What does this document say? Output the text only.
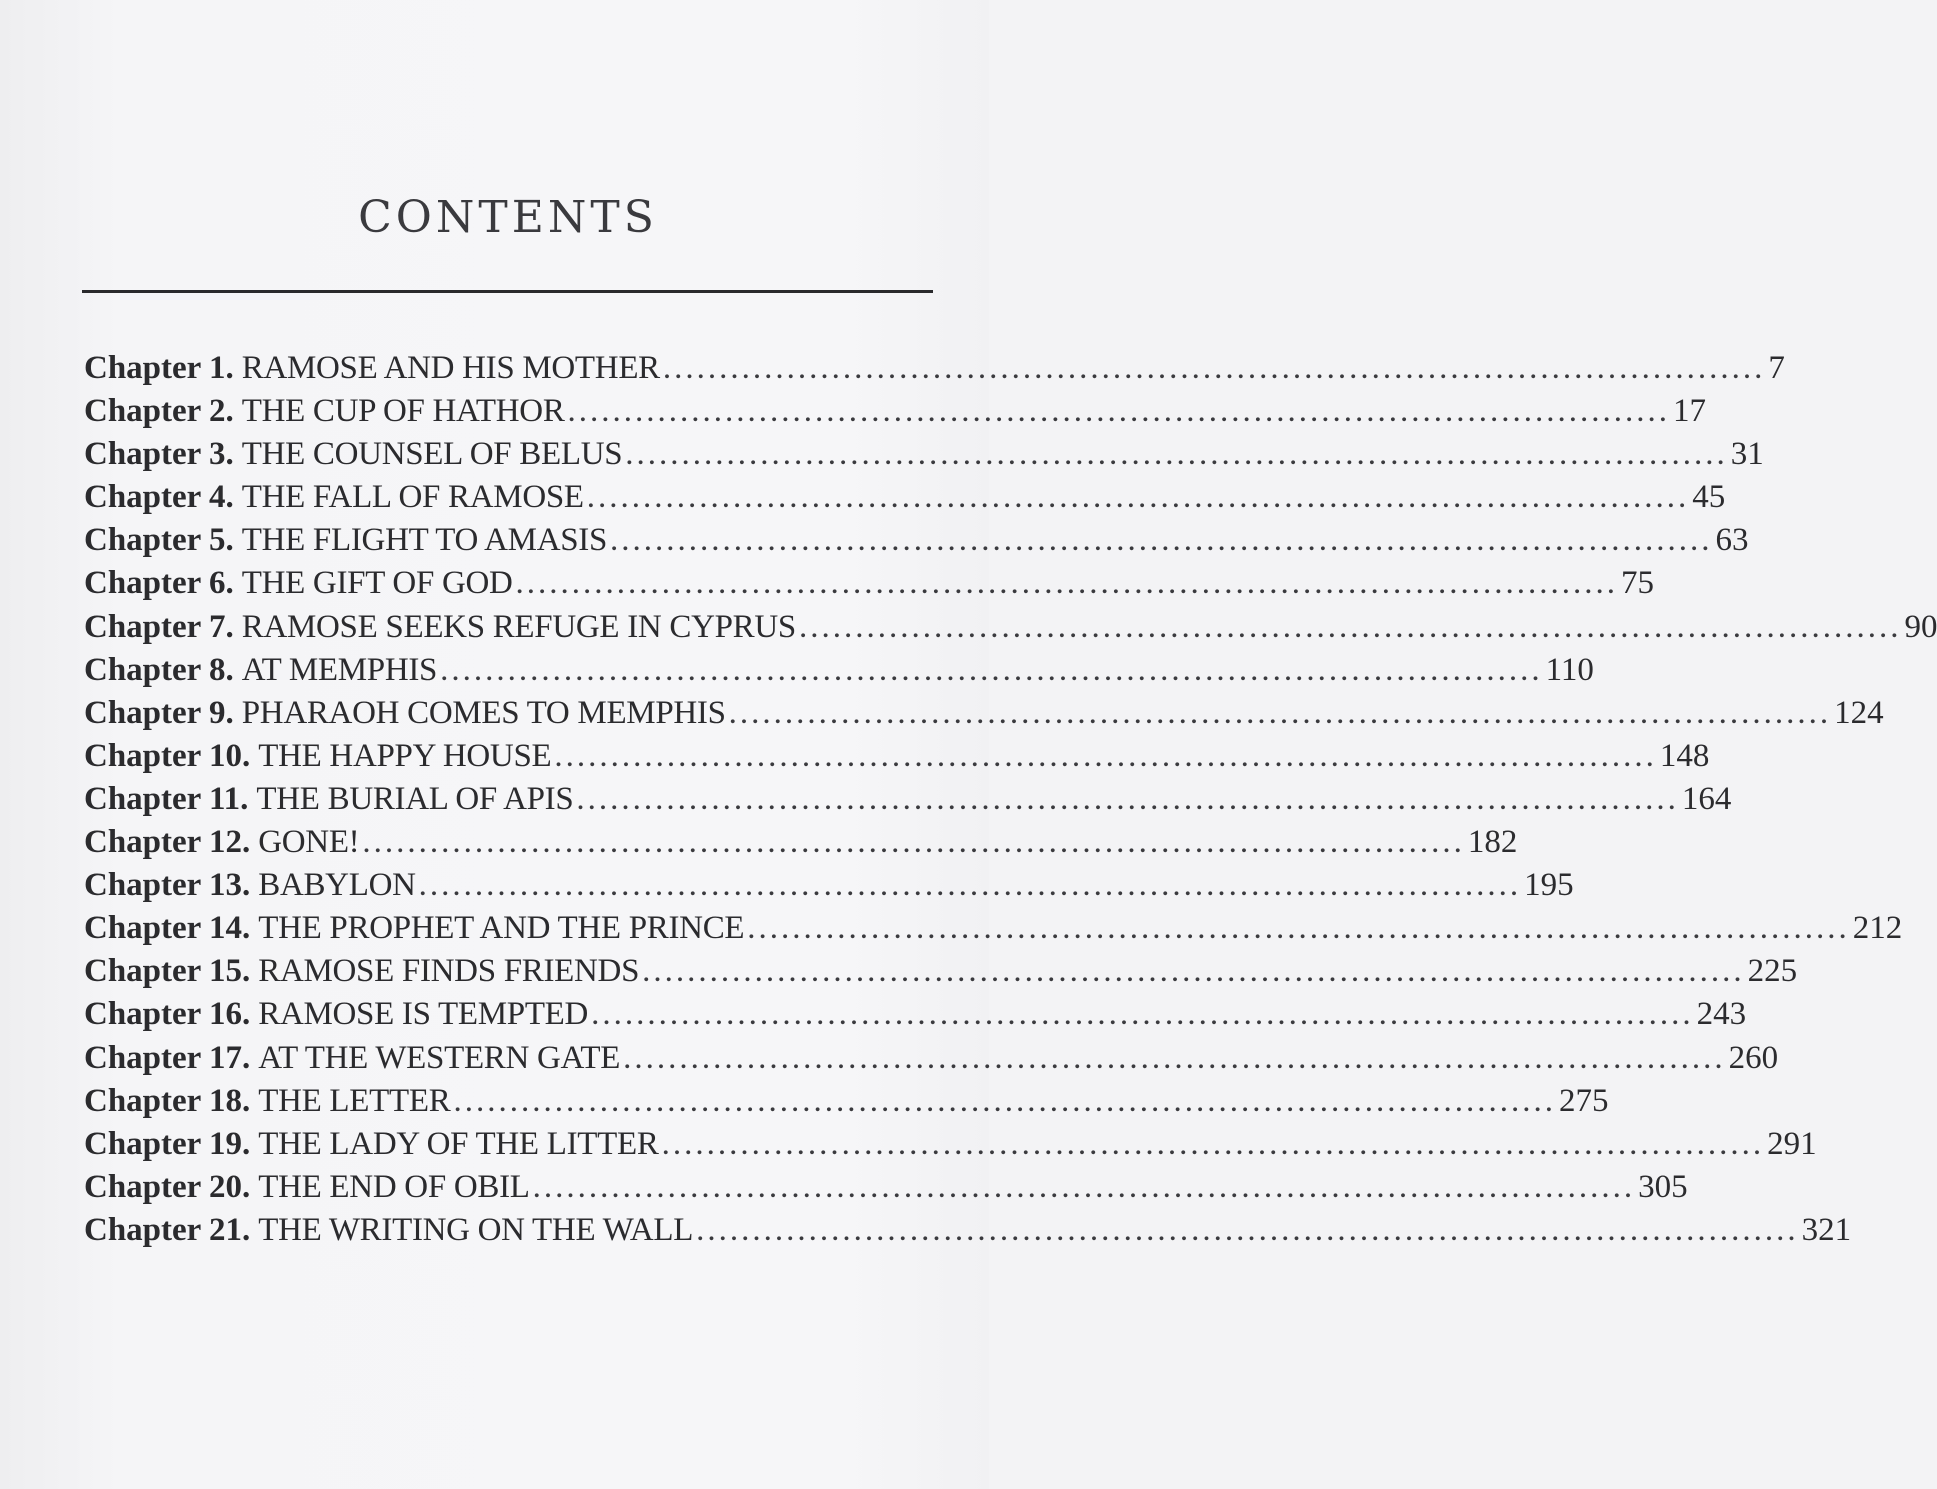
CONTENTS
Chapter 1. RAMOSE AND HIS MOTHER .................................................................................................. 7
Chapter 2. THE CUP OF HATHOR .................................................................................................. 17
Chapter 3. THE COUNSEL OF BELUS .................................................................................................. 31
Chapter 4. THE FALL OF RAMOSE .................................................................................................. 45
Chapter 5. THE FLIGHT TO AMASIS .................................................................................................. 63
Chapter 6. THE GIFT OF GOD .................................................................................................. 75
Chapter 7. RAMOSE SEEKS REFUGE IN CYPRUS .................................................................................................. 90
Chapter 8. AT MEMPHIS .................................................................................................. 110
Chapter 9. PHARAOH COMES TO MEMPHIS .................................................................................................. 124
Chapter 10. THE HAPPY HOUSE .................................................................................................. 148
Chapter 11. THE BURIAL OF APIS .................................................................................................. 164
Chapter 12. GONE! .................................................................................................. 182
Chapter 13. BABYLON .................................................................................................. 195
Chapter 14. THE PROPHET AND THE PRINCE .................................................................................................. 212
Chapter 15. RAMOSE FINDS FRIENDS .................................................................................................. 225
Chapter 16. RAMOSE IS TEMPTED .................................................................................................. 243
Chapter 17. AT THE WESTERN GATE .................................................................................................. 260
Chapter 18. THE LETTER .................................................................................................. 275
Chapter 19. THE LADY OF THE LITTER .................................................................................................. 291
Chapter 20. THE END OF OBIL .................................................................................................. 305
Chapter 21. THE WRITING ON THE WALL .................................................................................................. 321
